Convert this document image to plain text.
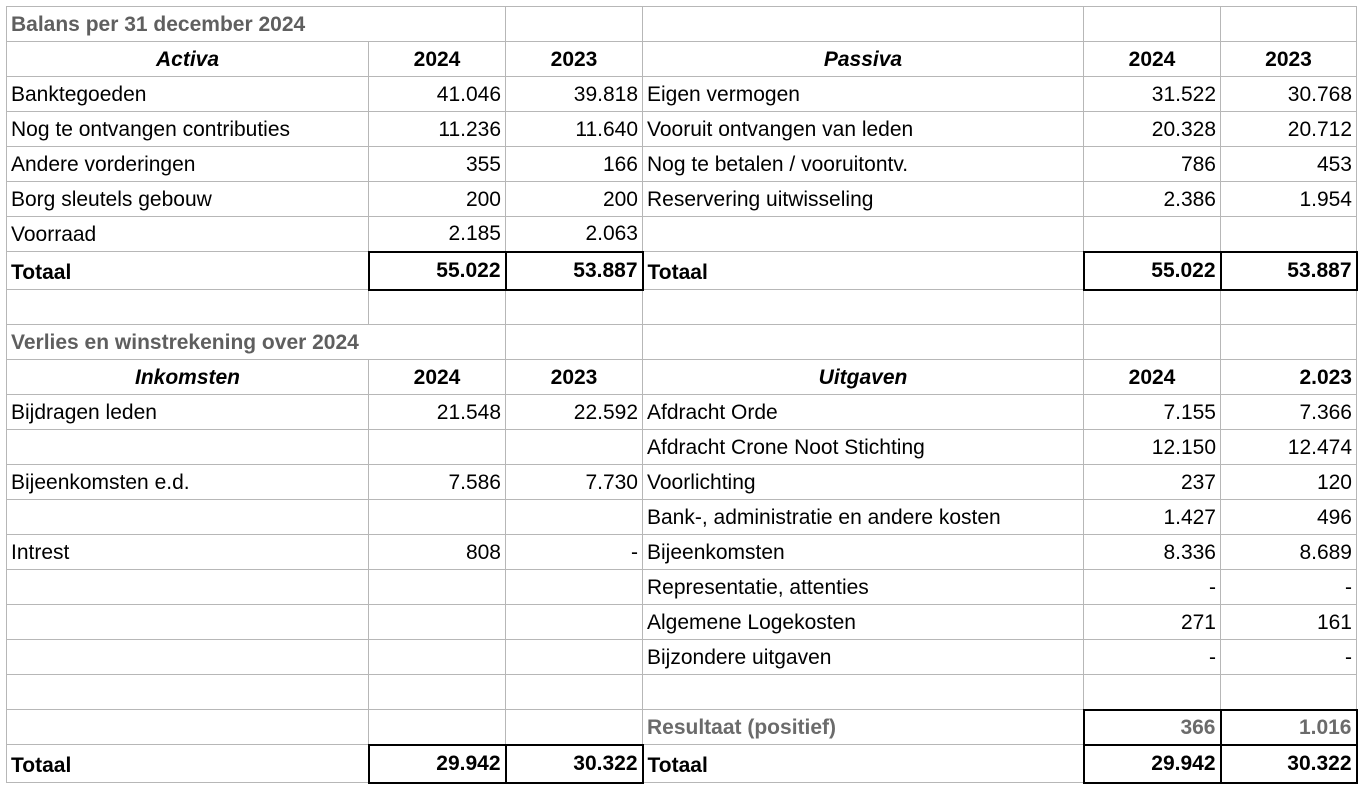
Balans per 31 december 2024					
Activa	2024	2023	Passiva	2024	2023
Banktegoeden	41.046	39.818	Eigen vermogen	31.522	30.768
Nog te ontvangen contributies	11.236	11.640	Vooruit ontvangen van leden	20.328	20.712
Andere vorderingen	355	166	Nog te betalen / vooruitontv.	786	453
Borg sleutels gebouw	200	200	Reservering uitwisseling	2.386	1.954
Voorraad	2.185	2.063			
Totaal	55.022	53.887	Totaal	55.022	53.887

Verlies en winstrekening over 2024					
Inkomsten	2024	2023	Uitgaven	2024	2.023
Bijdragen leden	21.548	22.592	Afdracht Orde	7.155	7.366
			Afdracht Crone Noot Stichting	12.150	12.474
Bijeenkomsten e.d.	7.586	7.730	Voorlichting	237	120
			Bank-, administratie en andere kosten	1.427	496
Intrest	808	-	Bijeenkomsten	8.336	8.689
			Representatie, attenties	-	-
			Algemene Logekosten	271	161
			Bijzondere uitgaven	-	-

			Resultaat (positief)	366	1.016
Totaal	29.942	30.322	Totaal	29.942	30.322
